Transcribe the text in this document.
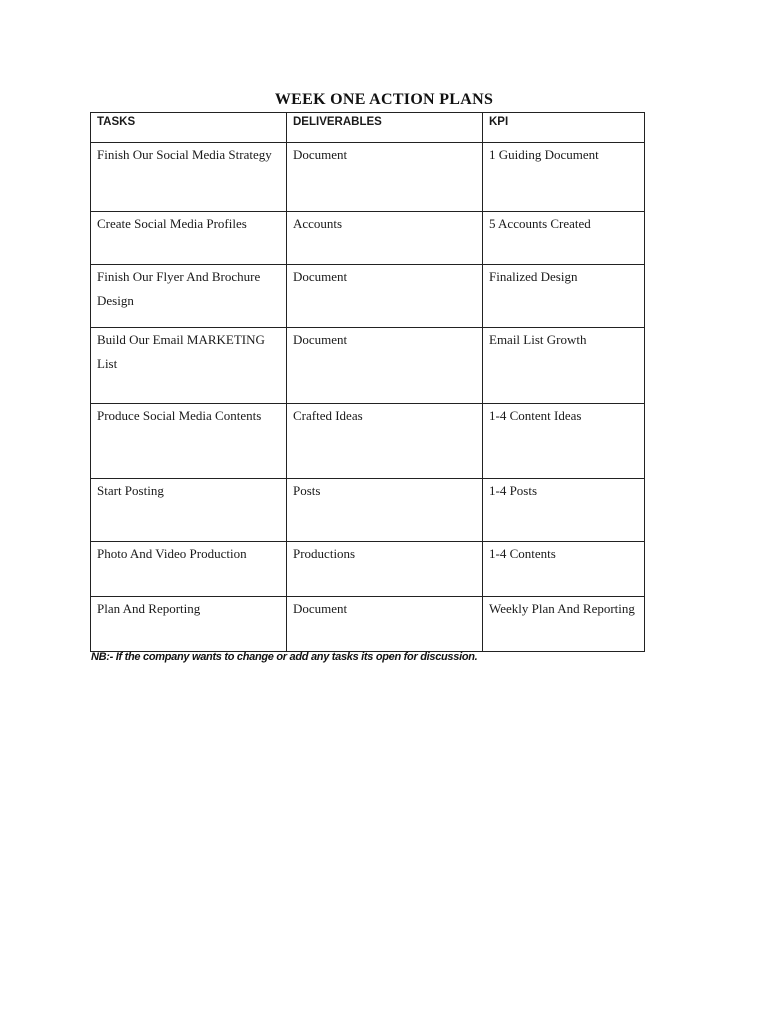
WEEK ONE ACTION PLANS
TASKS	DELIVERABLES	KPI
Finish Our Social Media Strategy	Document	1 Guiding Document
Create Social Media Profiles	Accounts	5 Accounts Created
Finish Our Flyer And Brochure Design	Document	Finalized Design
Build Our Email MARKETING List	Document	Email List Growth
Produce Social Media Contents	Crafted Ideas	1-4 Content Ideas
Start Posting	Posts	1-4 Posts
Photo And Video Production	Productions	1-4 Contents
Plan And Reporting	Document	Weekly Plan And Reporting
NB:- If the company wants to change or add any tasks its open for discussion.
